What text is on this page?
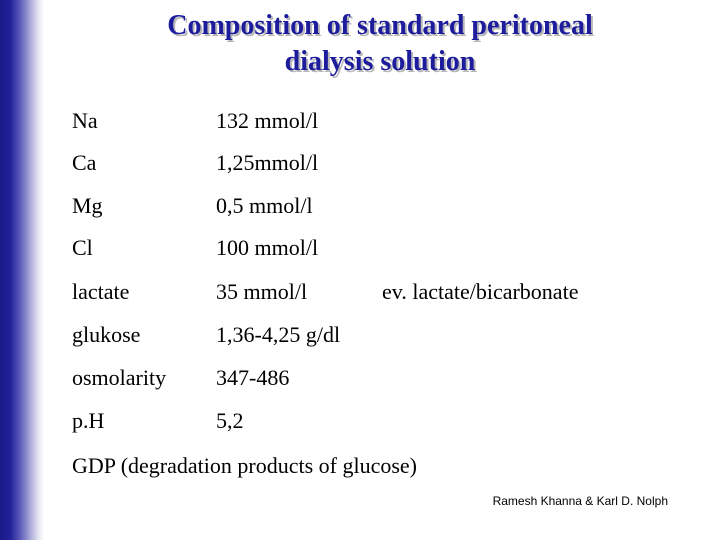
Composition of standard peritoneal
dialysis solution
Na	132 mmol/l
Ca	1,25mmol/l
Mg	0,5 mmol/l
Cl	100 mmol/l
lactate	35 mmol/l	ev. lactate/bicarbonate
glukose	1,36-4,25 g/dl
osmolarity 347-486
p.H	5,2
GDP (degradation products of glucose)
Ramesh Khanna & Karl D. Nolph
